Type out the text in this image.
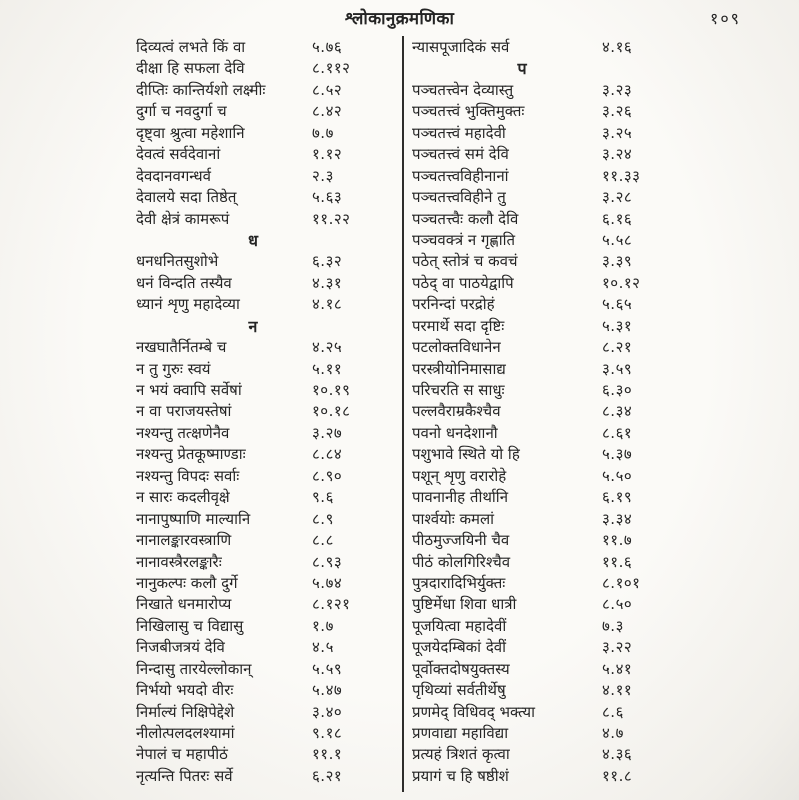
श्लोकानुक्रमणिका	१०९
दिव्यत्वं लभते किं वा	५.७६
दीक्षा हि सफला देवि	८.११२
दीप्तिः कान्तिर्यशो लक्ष्मीः	८.५२
दुर्गा च नवदुर्गा च	८.४२
दृष्ट्वा श्रुत्वा महेशानि	७.७
देवत्वं सर्वदेवानां	१.१२
देवदानवगन्धर्व	२.३
देवालये सदा तिष्ठेत्	५.६३
देवी क्षेत्रं कामरूपं	११.२२
ध
धनधनितसुशोभे	६.३२
धनं विन्दति तस्यैव	४.३१
ध्यानं शृणु महादेव्या	४.१८
न
नखघातैर्नितम्बे च	४.२५
न तु गुरुः स्वयं	५.११
न भयं क्वापि सर्वेषां	१०.१९
न वा पराजयस्तेषां	१०.१८
नश्यन्तु तत्क्षणेनैव	३.२७
नश्यन्तु प्रेतकूष्माण्डाः	८.८४
नश्यन्तु विपदः सर्वाः	८.९०
न सारः कदलीवृक्षे	९.६
नानापुष्पाणि माल्यानि	८.९
नानालङ्कारवस्त्राणि	८.८
नानावस्त्रैरलङ्कारैः	८.९३
नानुकल्पः कलौ दुर्गे	५.७४
निखाते धनमारोप्य	८.१२१
निखिलासु च विद्यासु	१.७
निजबीजत्रयं देवि	४.५
निन्दासु तारयेल्लोकान्	५.५९
निर्भयो भयदो वीरः	५.४७
निर्माल्यं निक्षिपेद्देशे	३.४०
नीलोत्पलदलश्यामां	९.१८
नेपालं च महापीठं	११.१
नृत्यन्ति पितरः सर्वे	६.२१
न्यासपूजादिकं सर्व	४.१६
प
पञ्चतत्त्वेन देव्यास्तु	३.२३
पञ्चतत्त्वं भुक्तिमुक्तः	३.२६
पञ्चतत्त्वं महादेवी	३.२५
पञ्चतत्त्वं समं देवि	३.२४
पञ्चतत्त्वविहीनानां	११.३३
पञ्चतत्त्वविहीने तु	३.२८
पञ्चतत्त्वैः कलौ देवि	६.१६
पञ्चवक्त्रं न गृह्णाति	५.५८
पठेत् स्तोत्रं च कवचं	३.३९
पठेद् वा पाठयेद्वापि	१०.१२
परनिन्दां परद्रोहं	५.६५
परमार्थे सदा दृष्टिः	५.३१
पटलोक्तविधानेन	८.२१
परस्त्रीयोनिमासाद्य	३.५९
परिचरति स साधुः	६.३०
पल्लवैराम्रकैश्चैव	८.३४
पवनो धनदेशानौ	८.६१
पशुभावे स्थिते यो हि	५.३७
पशून् शृणु वरारोहे	५.५०
पावनानीह तीर्थानि	६.१९
पार्श्वयोः कमलां	३.३४
पीठमुज्जयिनी चैव	११.७
पीठं कोलगिरिश्चैव	११.६
पुत्रदारादिभिर्युक्तः	८.१०१
पुष्टिर्मेधा शिवा धात्री	८.५०
पूजयित्वा महादेवीं	७.३
पूजयेदम्बिकां देवीं	३.२२
पूर्वोक्तदोषयुक्तस्य	५.४१
पृथिव्यां सर्वतीर्थेषु	४.११
प्रणमेद् विधिवद् भक्त्या	८.६
प्रणवाद्या महाविद्या	४.७
प्रत्यहं त्रिशतं कृत्वा	४.३६
प्रयागं च हि षष्ठीशं	११.८
